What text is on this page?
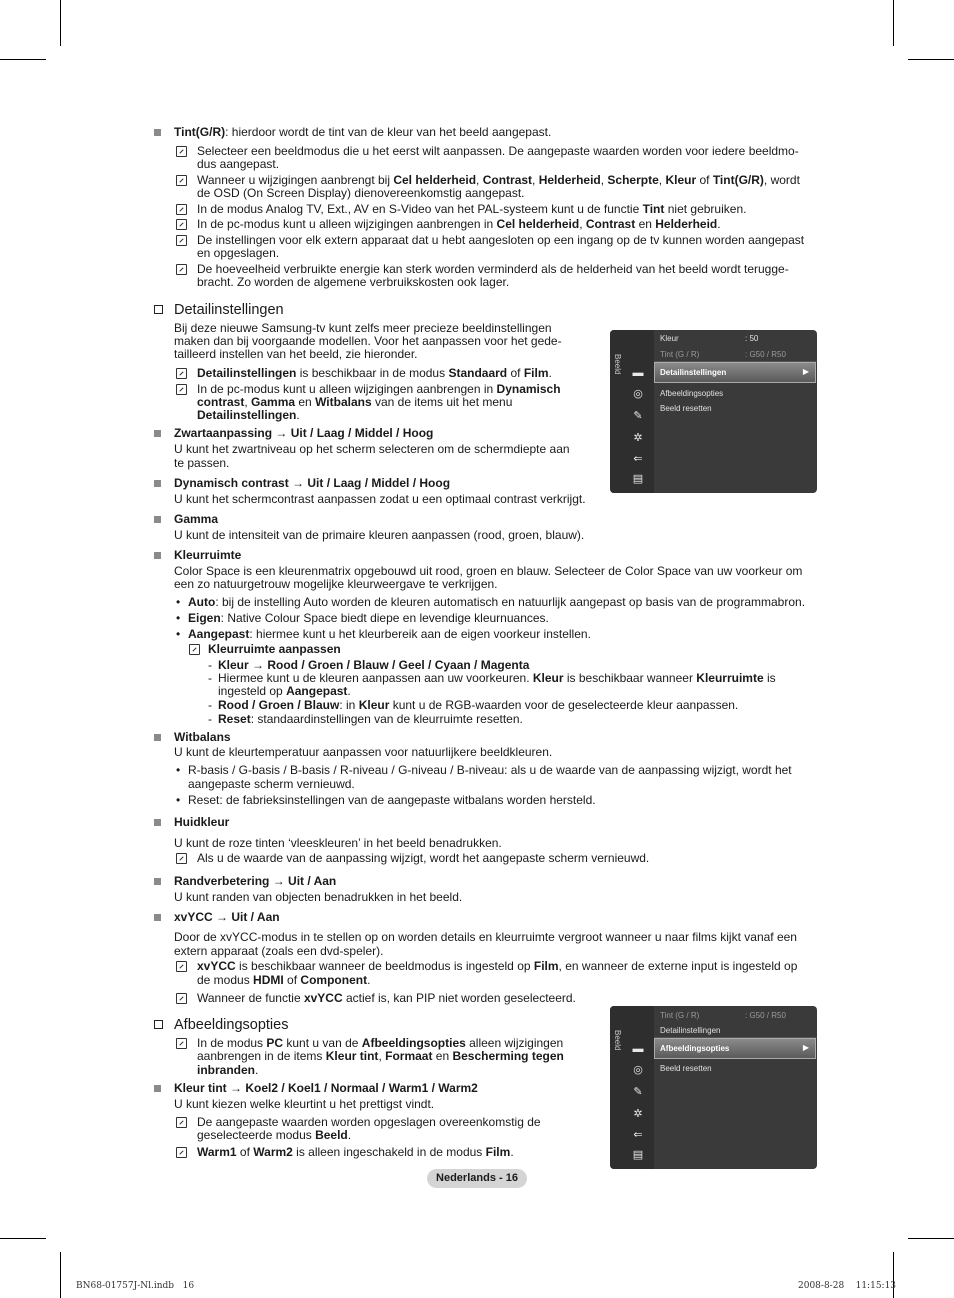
Tint(G/R): hierdoor wordt de tint van de kleur van het beeld aangepast.
Selecteer een beeldmodus die u het eerst wilt aanpassen. De aangepaste waarden worden voor iedere beeldmo-
dus aangepast.
Wanneer u wijzigingen aanbrengt bij Cel helderheid, Contrast, Helderheid, Scherpte, Kleur of Tint(G/R), wordt
de OSD (On Screen Display) dienovereenkomstig aangepast.
In de modus Analog TV, Ext., AV en S-Video van het PAL-systeem kunt u de functie Tint niet gebruiken.
In de pc-modus kunt u alleen wijzigingen aanbrengen in Cel helderheid, Contrast en Helderheid.
De instellingen voor elk extern apparaat dat u hebt aangesloten op een ingang op de tv kunnen worden aangepast
en opgeslagen.
De hoeveelheid verbruikte energie kan sterk worden verminderd als de helderheid van het beeld wordt terugge-
bracht. Zo worden de algemene verbruikskosten ook lager.
Detailinstellingen
Bij deze nieuwe Samsung-tv kunt zelfs meer precieze beeldinstellingen
maken dan bij voorgaande modellen. Voor het aanpassen voor het gede-
tailleerd instellen van het beeld, zie hieronder.
Detailinstellingen is beschikbaar in de modus Standaard of Film.
In de pc-modus kunt u alleen wijzigingen aanbrengen in Dynamisch
contrast, Gamma en Witbalans van de items uit het menu
Detailinstellingen.
Zwartaanpassing → Uit / Laag / Middel / Hoog
U kunt het zwartniveau op het scherm selecteren om de schermdiepte aan
te passen.
Dynamisch contrast → Uit / Laag / Middel / Hoog
U kunt het schermcontrast aanpassen zodat u een optimaal contrast verkrijgt.
Gamma
U kunt de intensiteit van de primaire kleuren aanpassen (rood, groen, blauw).
Kleurruimte
Color Space is een kleurenmatrix opgebouwd uit rood, groen en blauw. Selecteer de Color Space van uw voorkeur om
een zo natuurgetrouw mogelijke kleurweergave te verkrijgen.
• Auto: bij de instelling Auto worden de kleuren automatisch en natuurlijk aangepast op basis van de programmabron.
• Eigen: Native Colour Space biedt diepe en levendige kleurnuances.
• Aangepast: hiermee kunt u het kleurbereik aan de eigen voorkeur instellen.
Kleurruimte aanpassen
- Kleur → Rood / Groen / Blauw / Geel / Cyaan / Magenta
- Hiermee kunt u de kleuren aanpassen aan uw voorkeuren. Kleur is beschikbaar wanneer Kleurruimte is
ingesteld op Aangepast.
- Rood / Groen / Blauw: in Kleur kunt u de RGB-waarden voor de geselecteerde kleur aanpassen.
- Reset: standaardinstellingen van de kleurruimte resetten.
Witbalans
U kunt de kleurtemperatuur aanpassen voor natuurlijkere beeldkleuren.
• R-basis / G-basis / B-basis / R-niveau / G-niveau / B-niveau: als u de waarde van de aanpassing wijzigt, wordt het
aangepaste scherm vernieuwd.
• Reset: de fabrieksinstellingen van de aangepaste witbalans worden hersteld.
Huidkleur
U kunt de roze tinten ‘vleeskleuren’ in het beeld benadrukken.
Als u de waarde van de aanpassing wijzigt, wordt het aangepaste scherm vernieuwd.
Randverbetering → Uit / Aan
U kunt randen van objecten benadrukken in het beeld.
xvYCC → Uit / Aan
Door de xvYCC-modus in te stellen op on worden details en kleurruimte vergroot wanneer u naar films kijkt vanaf een
extern apparaat (zoals een dvd-speler).
xvYCC is beschikbaar wanneer de beeldmodus is ingesteld op Film, en wanneer de externe input is ingesteld op
de modus HDMI of Component.
Wanneer de functie xvYCC actief is, kan PIP niet worden geselecteerd.
Afbeeldingsopties
In de modus PC kunt u van de Afbeeldingsopties alleen wijzigingen
aanbrengen in de items Kleur tint, Formaat en Bescherming tegen
inbranden.
Kleur tint → Koel2 / Koel1 / Normaal / Warm1 / Warm2
U kunt kiezen welke kleurtint u het prettigst vindt.
De aangepaste waarden worden opgeslagen overeenkomstig de
geselecteerde modus Beeld.
Warm1 of Warm2 is alleen ingeschakeld in de modus Film.
Beeld ▬
◎
✎
✲
⇐
▤
Kleur	: 50
Tint (G / R)	: G50 / R50
Detailinstellingen	▶
Afbeeldingsopties
Beeld resetten
Beeld ▬
◎
✎
✲
⇐
▤
Tint (G / R)	: G50 / R50
Detailinstellingen
Afbeeldingsopties	▶
Beeld resetten
Nederlands - 16
BN68-01757J-Nl.indb   16	2008-8-28    11:15:13
